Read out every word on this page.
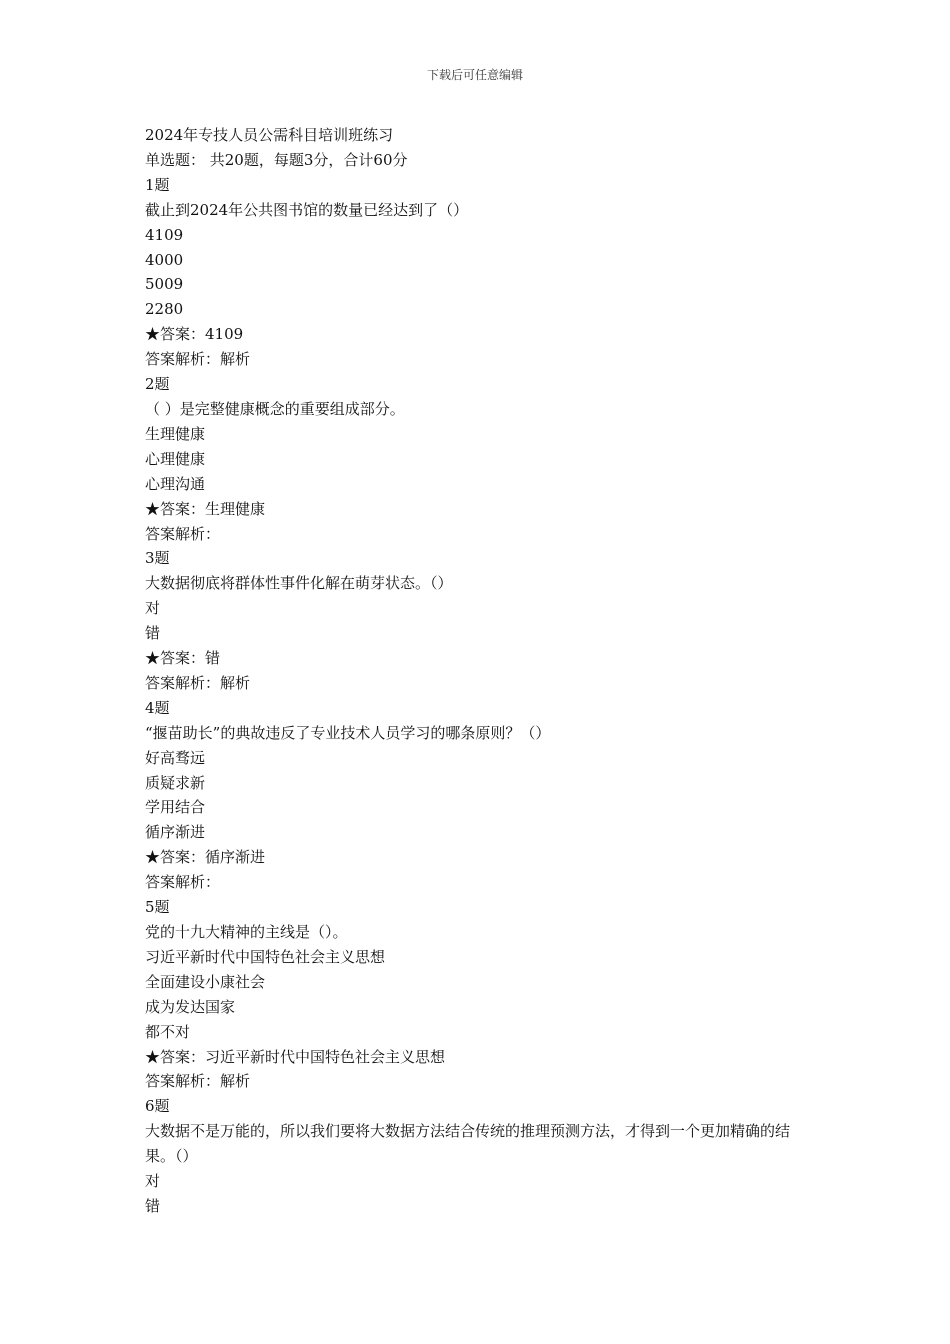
下载后可任意编辑
2024年专技人员公需科目培训班练习
单选题： 共20题，每题3分，合计60分
1题
截止到2024年公共图书馆的数量已经达到了（）
4109
4000
5009
2280
★答案：4109
答案解析：解析
2题
（ ）是完整健康概念的重要组成部分。
生理健康
心理健康
心理沟通
★答案：生理健康
答案解析：
3题
大数据彻底将群体性事件化解在萌芽状态。（）
对
错
★答案：错
答案解析：解析
4题
“揠苗助长”的典故违反了专业技术人员学习的哪条原则？（）
好高骛远
质疑求新
学用结合
循序渐进
★答案：循序渐进
答案解析：
5题
党的十九大精神的主线是（）。
习近平新时代中国特色社会主义思想
全面建设小康社会
成为发达国家
都不对
★答案：习近平新时代中国特色社会主义思想
答案解析：解析
6题
大数据不是万能的，所以我们要将大数据方法结合传统的推理预测方法，才得到一个更加精确的结果。（）
对
错
